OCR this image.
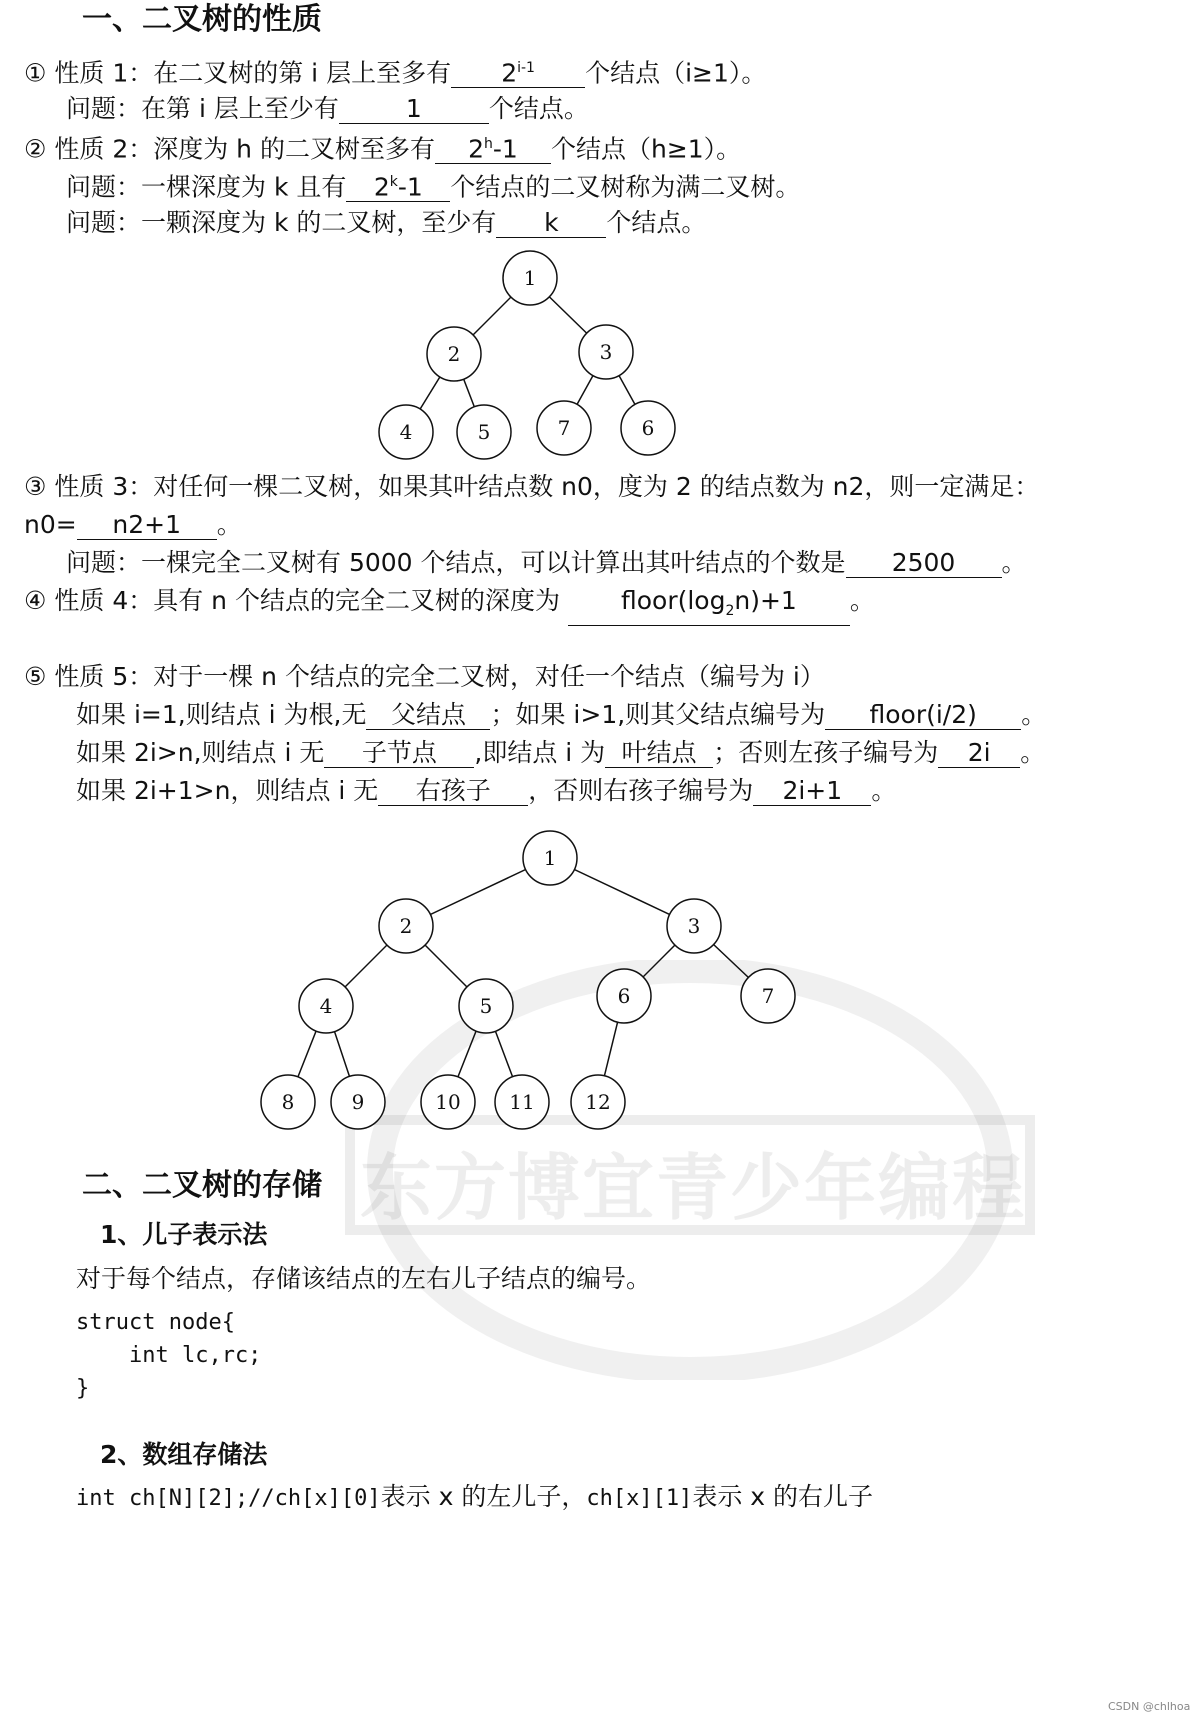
东方博宜青少年编程
一、二叉树的性质
① 性质 1：在二叉树的第 i 层上至多有 2$^{i-1}$ 个结点（i≥1）。
问题：在第 i 层上至少有	1	个结点。
② 性质 2：深度为 h 的二叉树至多有 2$^h$-1 个结点（h≥1）。
问题：一棵深度为 k 且有 2$^k$-1 个结点的二叉树称为满二叉树。
问题：一颗深度为 k 的二叉树，至少有 k 个结点。
1
2	3
4	5	7	6
③ 性质 3：对任何一棵二叉树，如果其叶结点数 n0，度为 2 的结点数为 n2，则一定满足：
n0= n2+1 。
问题：一棵完全二叉树有 5000 个结点，可以计算出其叶结点的个数是 2500 。
④ 性质 4：具有 n 个结点的完全二叉树的深度为 $floor(\log_2n)+1$ 。
⑤ 性质 5：对于一棵 n 个结点的完全二叉树，对任一个结点（编号为 i）
如果 i=1,则结点 i 为根,无 父结点 ；如果 i>1,则其父结点编号为 floor(i/2) 。
如果 2i>n,则结点 i 无 子节点 ,即结点 i 为 叶结点 ；否则左孩子编号为 2i 。
如果 2i+1>n，则结点 i 无 右孩子 ，否则右孩子编号为 2i+1 。
1
2	3
4	5	6	7
8	9	10 11	12
二、二叉树的存储
1、儿子表示法
对于每个结点，存储该结点的左右儿子结点的编号。
struct node{
int lc,rc;
}
2、数组存储法
int ch[N][2];//ch[x][0]表示 x 的左儿子，ch[x][1]表示 x 的右儿子
CSDN @chlhoa
